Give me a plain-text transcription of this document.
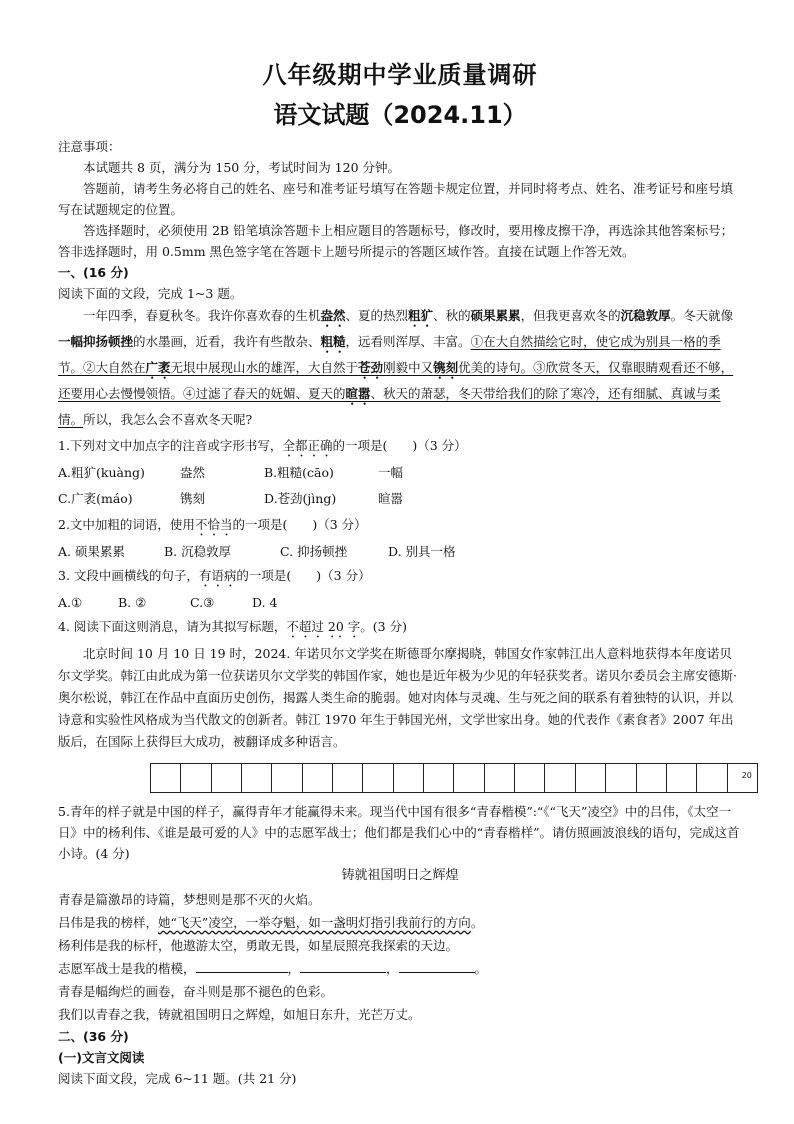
八年级期中学业质量调研
语文试题（2024.11）

注意事项：

本试题共 8 页，满分为 150 分，考试时间为 120 分钟。

答题前，请考生务必将自己的姓名、座号和准考证号填写在答题卡规定位置，并同时将考点、姓名、准考证号和座号填写在试题规定的位置。

答选择题时，必须使用 2B 铅笔填涂答题卡上相应题目的答题标号，修改时，要用橡皮擦干净，再选涂其他答案标号；答非选择题时，用 0.5mm 黑色签字笔在答题卡上题号所提示的答题区域作答。直接在试题上作答无效。

一、(16 分)

阅读下面的文段，完成 1~3 题。

一年四季，春夏秋冬。我许你喜欢春的生机盎然、夏的热烈粗犷、秋的硕果累累，但我更喜欢冬的沉稳敦厚。冬天就像一幅抑扬顿挫的水墨画，近看，我许有些散杂、粗糙，远看则浑厚、丰富。①在大自然描绘它时，使它成为别具一格的季节。②大自然在广袤无垠中展现山水的雄浑，大自然于苍劲刚毅中又镌刻优美的诗句。③欣赏冬天，仅靠眼睛观看还不够，还要用心去慢慢领悟。④过滤了春天的妩媚、夏天的暄嚣、秋天的萧瑟，冬天带给我们的除了寒冷，还有细腻、真诚与柔情。所以，我怎么会不喜欢冬天呢?

1.下列对文中加点字的注音或字形书写，全都正确的一项是(　　)（3 分）

A.粗犷(kuàng)	盎然	B.粗糙(cāo)	一幅
C.广袤(máo)	镌刻	D.苍劲(jìng)	暄嚣

2.文中加粗的词语，使用不恰当的一项是(　　)（3 分）

A. 硕果累累	B. 沉稳敦厚	C. 抑扬顿挫	D. 别具一格

3. 文段中画横线的句子，有语病的一项是(　　)（3 分）

A.①	B. ②	C.③	D. 4

4. 阅读下面这则消息，请为其拟写标题，不超过 20 字。(3 分)

北京时间 10 月 10 日 19 时，2024. 年诺贝尔文学奖在斯德哥尔摩揭晓，韩国女作家韩江出人意料地获得本年度诺贝尔文学奖。韩江由此成为第一位获诺贝尔文学奖的韩国作家，她也是近年极为少见的年轻获奖者。诺贝尔委员会主席安德斯·奥尔松说，韩江在作品中直面历史创伤，揭露人类生命的脆弱。她对肉体与灵魂、生与死之间的联系有着独特的认识，并以诗意和实验性风格成为当代散文的创新者。韩江 1970 年生于韩国光州，文学世家出身。她的代表作《素食者》2007 年出版后，在国际上获得巨大成功，被翻译成多种语言。

20

5.青年的样子就是中国的样子，赢得青年才能赢得未来。现当代中国有很多“青春楷模”:“《“飞天”凌空》中的吕伟，《太空一日》中的杨利伟、《谁是最可爱的人》中的志愿军战士；他们都是我们心中的“青春楷样”。请仿照画波浪线的语句，完成这首小诗。(4 分)

铸就祖国明日之辉煌

青春是篇激昂的诗篇，梦想则是那不灭的火焰。

吕伟是我的榜样，她“飞天”凌空，一举夺魁，如一盏明灯指引我前行的方向。

杨利伟是我的标杆，他遨游太空，勇敢无畏，如星辰照亮我探索的天边。

志愿军战士是我的楷模，	，	，	。

青春是幅绚烂的画卷，奋斗则是那不褪色的色彩。

我们以青春之我，铸就祖国明日之辉煌，如旭日东升，光芒万丈。

二、(36 分)

(一)文言文阅读

阅读下面文段，完成 6~11 题。(共 21 分)
